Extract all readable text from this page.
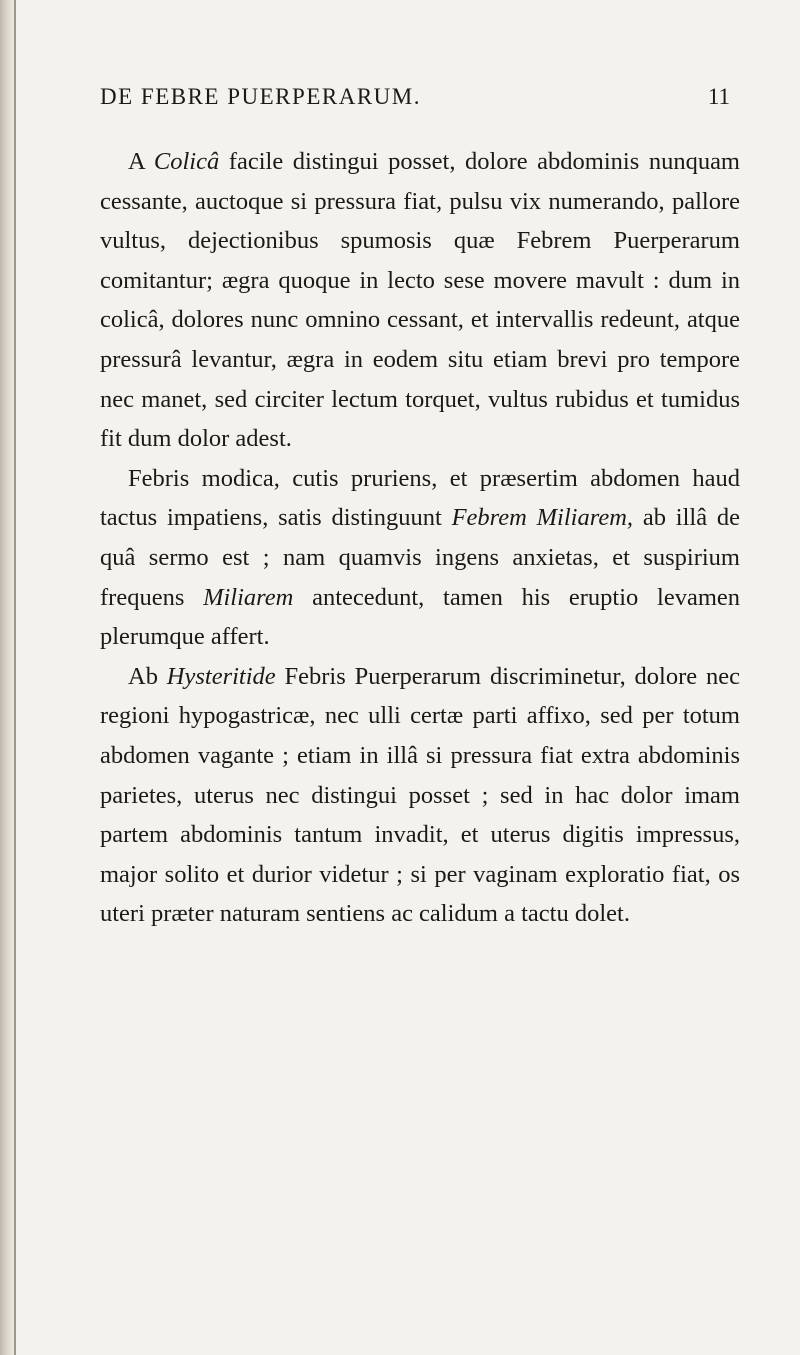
DE FEBRE PUERPERARUM.	11

A Colicâ facile distingui posset, dolore abdominis nunquam cessante, auctoque si pressura fiat, pulsu vix numerando, pallore vultus, dejectionibus spumosis quæ Febrem Puerperarum comitantur; ægra quoque in lecto sese movere mavult : dum in colicâ, dolores nunc omnino cessant, et intervallis redeunt, atque pressurâ levantur, ægra in eodem situ etiam brevi pro tempore nec manet, sed circiter lectum torquet, vultus rubidus et tumidus fit dum dolor adest.

Febris modica, cutis pruriens, et præsertim abdomen haud tactus impatiens, satis distinguunt Febrem Miliarem, ab illâ de quâ sermo est ; nam quamvis ingens anxietas, et suspirium frequens Miliarem antecedunt, tamen his eruptio levamen plerumque affert.

Ab Hysteritide Febris Puerperarum discriminetur, dolore nec regioni hypogastricæ, nec ulli certæ parti affixo, sed per totum abdomen vagante ; etiam in illâ si pressura fiat extra abdominis parietes, uterus nec distingui posset ; sed in hac dolor imam partem abdominis tantum invadit, et uterus digitis impressus, major solito et durior videtur ; si per vaginam exploratio fiat, os uteri præter naturam sentiens ac calidum a tactu dolet.
